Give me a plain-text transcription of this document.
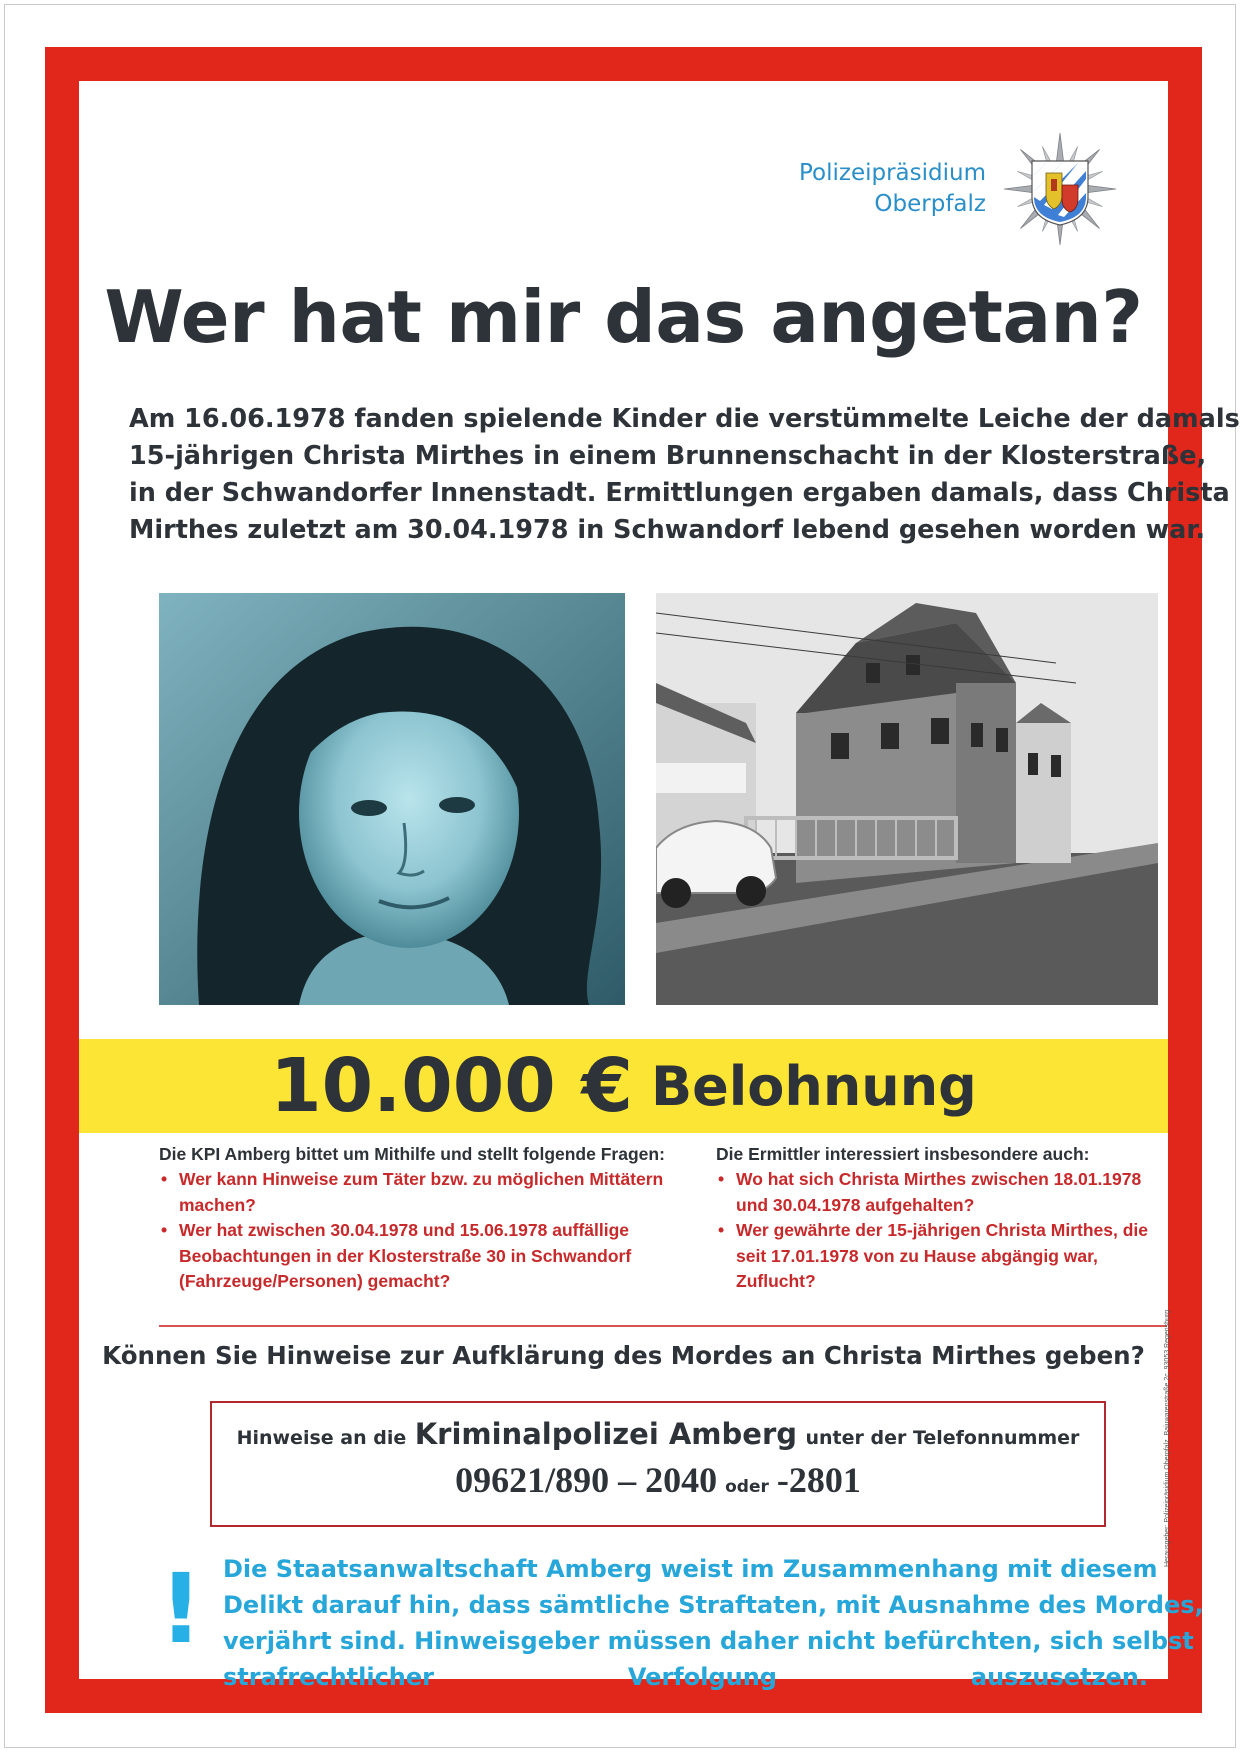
Polizeipräsidium
Oberpfalz
Wer hat mir das angetan?
Am 16.06.1978 fanden spielende Kinder die verstümmelte Leiche der damals
15-jährigen Christa Mirthes in einem Brunnenschacht in der Klosterstraße,
in der Schwandorfer Innenstadt. Ermittlungen ergaben damals, dass Christa
Mirthes zuletzt am 30.04.1978 in Schwandorf lebend gesehen worden war.
10.000 € Belohnung
Die KPI Amberg bittet um Mithilfe und stellt folgende Fragen:
• Wer kann Hinweise zum Täter bzw. zu möglichen Mittätern machen?
• Wer hat zwischen 30.04.1978 und 15.06.1978 auffällige Beobachtungen in der Klosterstraße 30 in Schwandorf (Fahrzeuge/Personen) gemacht?
Die Ermittler interessiert insbesondere auch:
• Wo hat sich Christa Mirthes zwischen 18.01.1978 und 30.04.1978 aufgehalten?
• Wer gewährte der 15-jährigen Christa Mirthes, die seit 17.01.1978 von zu Hause abgängig war, Zuflucht?
Können Sie Hinweise zur Aufklärung des Mordes an Christa Mirthes geben?
Hinweise an die Kriminalpolizei Amberg unter der Telefonnummer
09621/890 – 2040 oder -2801
! Die Staatsanwaltschaft Amberg weist im Zusammenhang mit diesem
Delikt darauf hin, dass sämtliche Straftaten, mit Ausnahme des Mordes,
verjährt sind. Hinweisgeber müssen daher nicht befürchten, sich selbst
strafrechtlicher Verfolgung auszusetzen.
Herausgeber: Polizeipräsidium Oberpfalz, Bajuwarenstraße 2c, 93053 Regensburg
